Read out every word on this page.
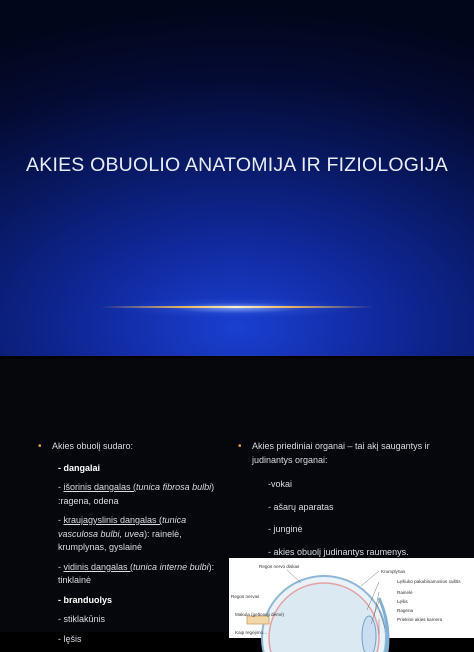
AKIES OBUOLIO ANATOMIJA IR FIZIOLOGIJA
• Akies obuolį sudaro:
- dangalai
- išorinis dangalas (tunica fibrosa bulbi) :ragena, odena
- kraujagyslinis dangalas (tunica vasculosa bulbi, uvea): rainelė, krumplynas, gyslainė
- vidinis dangalas (tunica interne bulbi): tinklainė
- branduolys
- stiklakūnis
- lęšis
• Akies priediniai organai – tai akį saugantys ir judinantys organai:
-vokai
- ašarų aparatas
- junginė
- akies obuolį judinantys raumenys.
Regos nervo diskas
Krumplynas
Lęšiuko pakabinamosios raištis
Rainelė
Lęšis
Ragena
Priekinė akies kamera
Regos nervas
Makula (geltonoji dėmė)
Kaip regėjimo...
